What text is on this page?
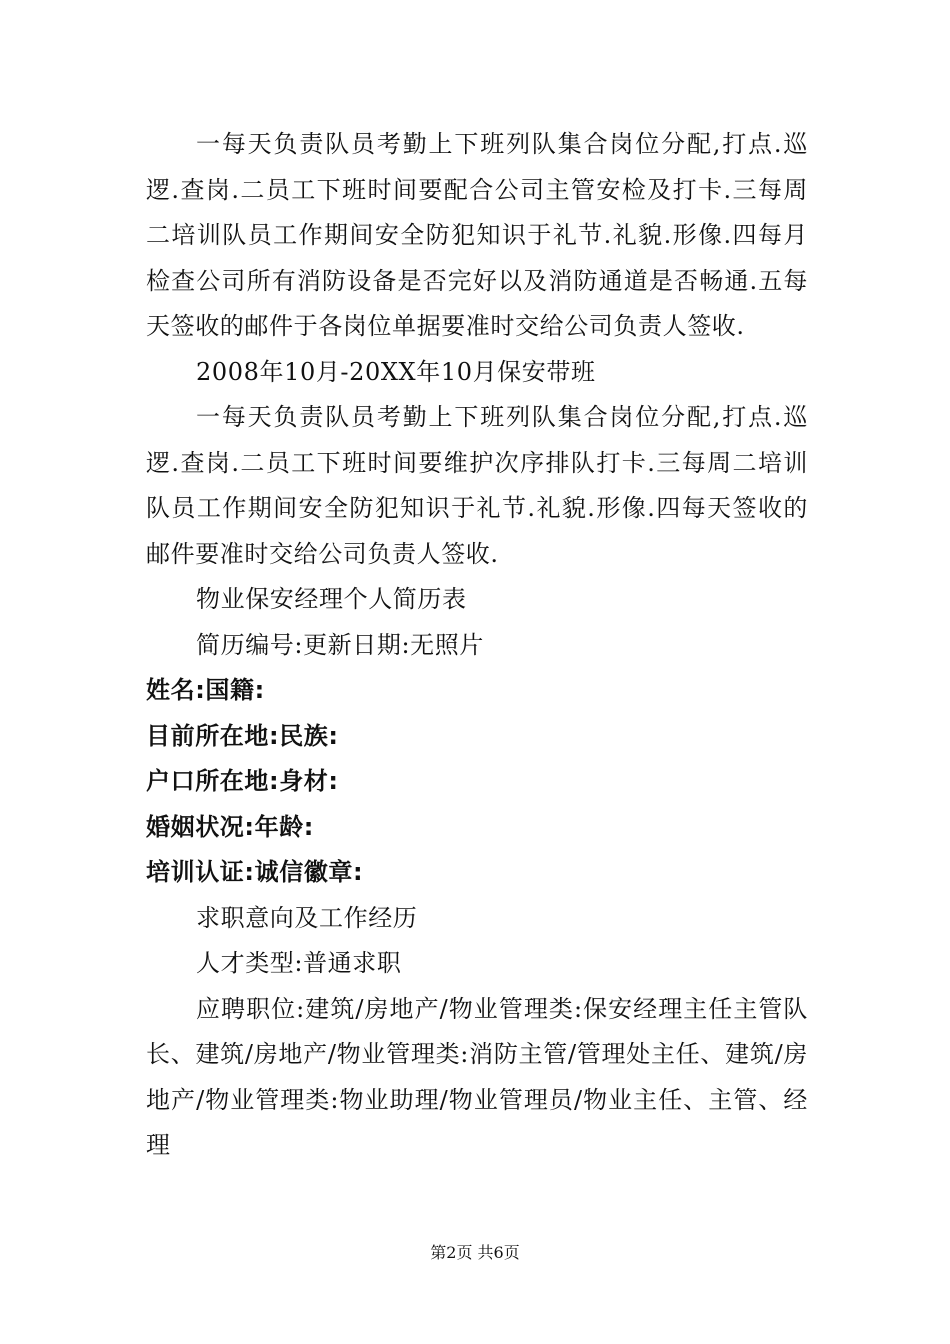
一每天负责队员考勤上下班列队集合岗位分配,打点.巡逻.查岗.二员工下班时间要配合公司主管安检及打卡.三每周二培训队员工作期间安全防犯知识于礼节.礼貌.形像.四每月检查公司所有消防设备是否完好以及消防通道是否畅通.五每天签收的邮件于各岗位单据要准时交给公司负责人签收.

2008年10月-20XX年10月保安带班

一每天负责队员考勤上下班列队集合岗位分配,打点.巡逻.查岗.二员工下班时间要维护次序排队打卡.三每周二培训队员工作期间安全防犯知识于礼节.礼貌.形像.四每天签收的邮件要准时交给公司负责人签收.

物业保安经理个人简历表

简历编号:更新日期:无照片

姓名:国籍:

目前所在地:民族:

户口所在地:身材:

婚姻状况:年龄:

培训认证:诚信徽章:

求职意向及工作经历

人才类型:普通求职

应聘职位:建筑/房地产/物业管理类:保安经理主任主管队长、建筑/房地产/物业管理类:消防主管/管理处主任、建筑/房地产/物业管理类:物业助理/物业管理员/物业主任、主管、经理

第2页 共6页
